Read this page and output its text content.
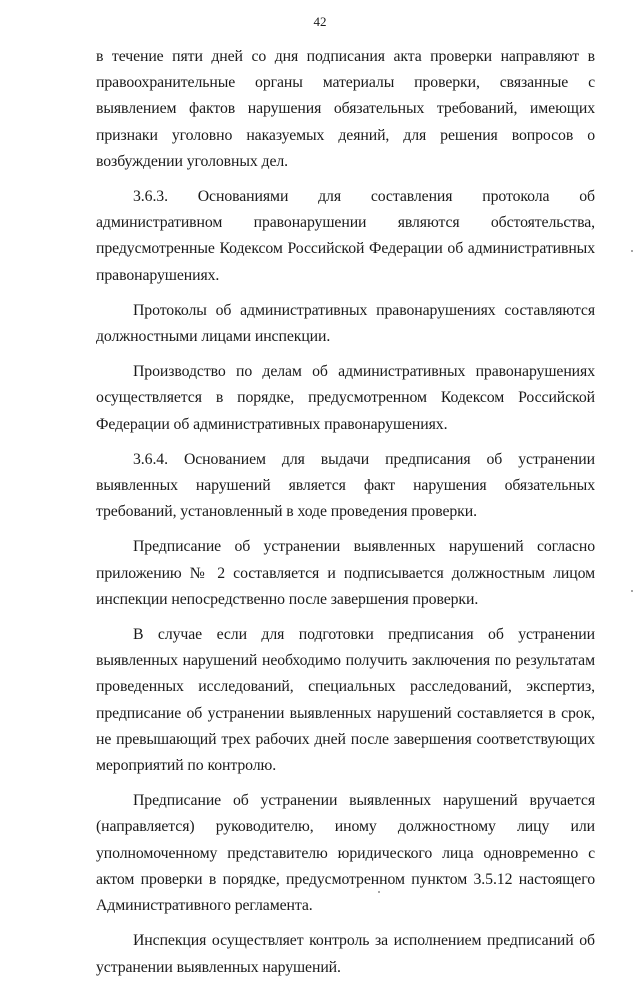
42

в течение пяти дней со дня подписания акта проверки направляют в правоохранительные органы материалы проверки, связанные с выявлением фактов нарушения обязательных требований, имеющих признаки уголовно наказуемых деяний, для решения вопросов о возбуждении уголовных дел.

3.6.3. Основаниями для составления протокола об административном правонарушении являются обстоятельства, предусмотренные Кодексом Российской Федерации об административных правонарушениях.

Протоколы об административных правонарушениях составляются должностными лицами инспекции.

Производство по делам об административных правонарушениях осуществляется в порядке, предусмотренном Кодексом Российской Федерации об административных правонарушениях.

3.6.4. Основанием для выдачи предписания об устранении выявленных нарушений является факт нарушения обязательных требований, установленный в ходе проведения проверки.

Предписание об устранении выявленных нарушений согласно приложению № 2 составляется и подписывается должностным лицом инспекции непосредственно после завершения проверки.

В случае если для подготовки предписания об устранении выявленных нарушений необходимо получить заключения по результатам проведенных исследований, специальных расследований, экспертиз, предписание об устранении выявленных нарушений составляется в срок, не превышающий трех рабочих дней после завершения соответствующих мероприятий по контролю.

Предписание об устранении выявленных нарушений вручается (направляется) руководителю, иному должностному лицу или уполномоченному представителю юридического лица одновременно с актом проверки в порядке, предусмотренном пунктом 3.5.12 настоящего Административного регламента.

Инспекция осуществляет контроль за исполнением предписаний об устранении выявленных нарушений.
